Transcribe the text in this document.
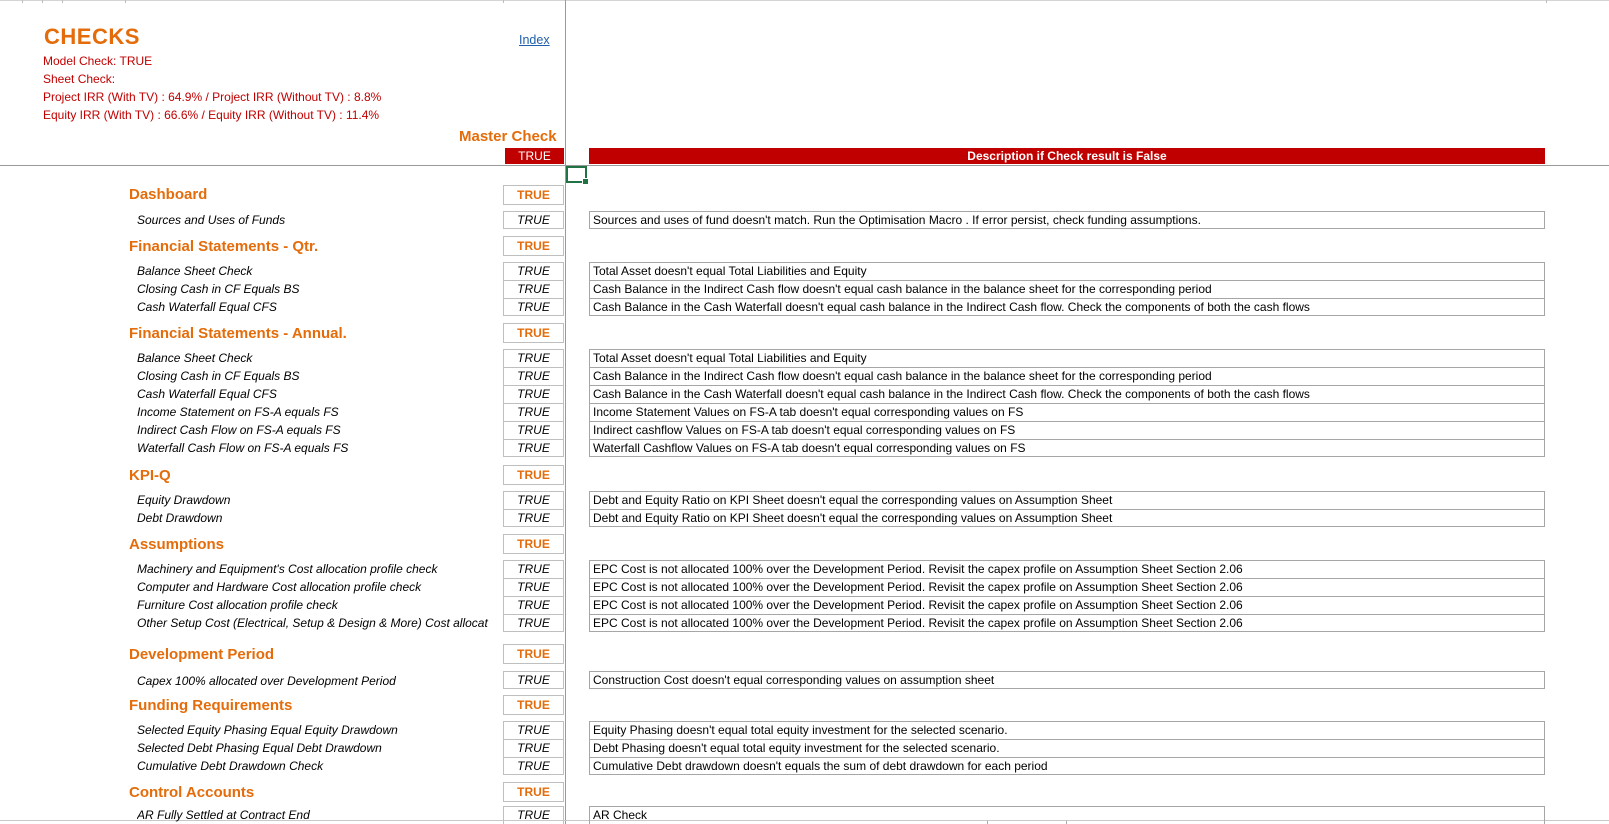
CHECKS
Model Check: TRUE
Sheet Check:
Project IRR (With TV) : 64.9% / Project IRR (Without TV) : 8.8%
Equity IRR (With TV) : 66.6% / Equity IRR (Without TV) : 11.4%
Index
Master Check
TRUE	Description if Check result is False
Dashboard	TRUE
Sources and Uses of Funds	TRUE	Sources and uses of fund doesn't match. Run the Optimisation Macro . If error persist, check funding assumptions.
Financial Statements - Qtr.	TRUE
Balance Sheet Check	TRUE	Total Asset doesn't equal Total Liabilities and Equity
Closing Cash in CF Equals BS	TRUE	Cash Balance in the Indirect Cash flow doesn't equal cash balance in the balance sheet for the corresponding period
Cash Waterfall Equal CFS	TRUE	Cash Balance in the Cash Waterfall doesn't equal cash balance in the Indirect Cash flow. Check the components of both the cash flows
Financial Statements - Annual.	TRUE
Balance Sheet Check	TRUE	Total Asset doesn't equal Total Liabilities and Equity
Closing Cash in CF Equals BS	TRUE	Cash Balance in the Indirect Cash flow doesn't equal cash balance in the balance sheet for the corresponding period
Cash Waterfall Equal CFS	TRUE	Cash Balance in the Cash Waterfall doesn't equal cash balance in the Indirect Cash flow. Check the components of both the cash flows
Income Statement on FS-A equals FS	TRUE	Income Statement Values on FS-A tab doesn't equal corresponding values on FS
Indirect Cash Flow on FS-A equals FS	TRUE	Indirect cashflow Values on FS-A tab doesn't equal corresponding values on FS
Waterfall Cash Flow on FS-A equals FS	TRUE	Waterfall Cashflow Values on FS-A tab doesn't equal corresponding values on FS
KPI-Q	TRUE
Equity Drawdown	TRUE	Debt and Equity Ratio on KPI Sheet doesn't equal the corresponding values on Assumption Sheet
Debt Drawdown	TRUE	Debt and Equity Ratio on KPI Sheet doesn't equal the corresponding values on Assumption Sheet
Assumptions	TRUE
Machinery and Equipment's Cost allocation profile check	TRUE	EPC Cost is not allocated 100% over the Development Period. Revisit the capex profile on Assumption Sheet Section 2.06
Computer and Hardware Cost allocation profile check	TRUE	EPC Cost is not allocated 100% over the Development Period. Revisit the capex profile on Assumption Sheet Section 2.06
Furniture Cost allocation profile check	TRUE	EPC Cost is not allocated 100% over the Development Period. Revisit the capex profile on Assumption Sheet Section 2.06
Other Setup Cost (Electrical, Setup & Design & More) Cost allocat	TRUE	EPC Cost is not allocated 100% over the Development Period. Revisit the capex profile on Assumption Sheet Section 2.06
Development Period	TRUE
Capex 100% allocated over Development Period	TRUE	Construction Cost doesn't equal corresponding values on assumption sheet
Funding Requirements	TRUE
Selected Equity Phasing Equal Equity Drawdown	TRUE	Equity Phasing doesn't equal total equity investment for the selected scenario.
Selected Debt Phasing Equal Debt Drawdown	TRUE	Debt Phasing doesn't equal total equity investment for the selected scenario.
Cumulative Debt Drawdown Check	TRUE	Cumulative Debt drawdown doesn't equals the sum of debt drawdown for each period
Control Accounts	TRUE
AR Fully Settled at Contract End	TRUE	AR Check
